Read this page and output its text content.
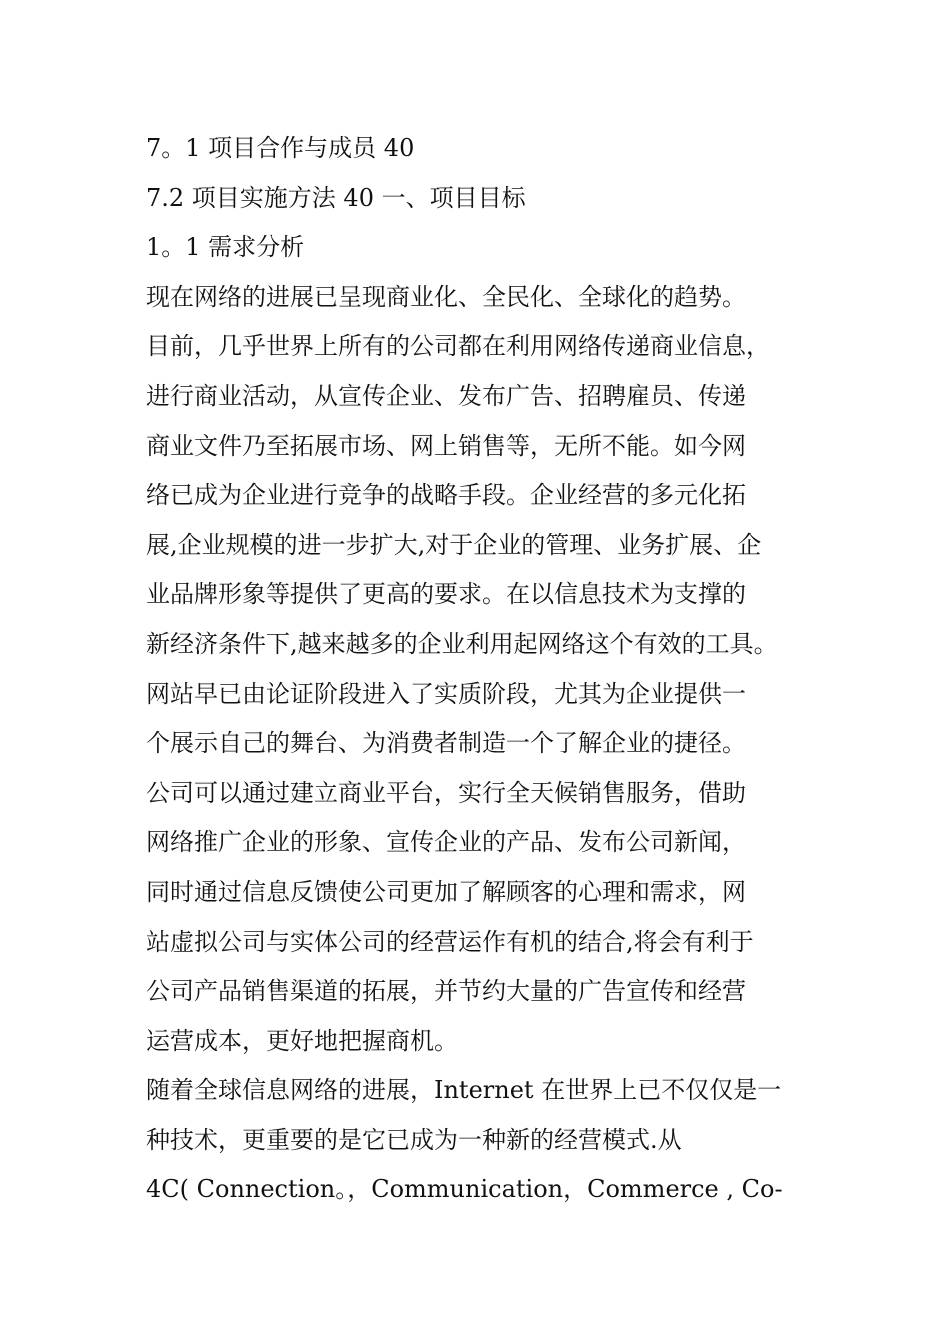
7。1 项目合作与成员 40
7.2 项目实施方法 40 一、项目目标
1。1 需求分析
现在网络的进展已呈现商业化、全民化、全球化的趋势。
目前，几乎世界上所有的公司都在利用网络传递商业信息，
进行商业活动，从宣传企业、发布广告、招聘雇员、传递
商业文件乃至拓展市场、网上销售等，无所不能。如今网
络已成为企业进行竞争的战略手段。企业经营的多元化拓
展,企业规模的进一步扩大,对于企业的管理、业务扩展、企
业品牌形象等提供了更高的要求。在以信息技术为支撑的
新经济条件下,越来越多的企业利用起网络这个有效的工具。
网站早已由论证阶段进入了实质阶段，尤其为企业提供一
个展示自己的舞台、为消费者制造一个了解企业的捷径。
公司可以通过建立商业平台，实行全天候销售服务，借助
网络推广企业的形象、宣传企业的产品、发布公司新闻，
同时通过信息反馈使公司更加了解顾客的心理和需求，网
站虚拟公司与实体公司的经营运作有机的结合,将会有利于
公司产品销售渠道的拓展，并节约大量的广告宣传和经营
运营成本，更好地把握商机。
随着全球信息网络的进展，Internet 在世界上已不仅仅是一
种技术，更重要的是它已成为一种新的经营模式.从
4C( Connection。，Communication，Commerce , Co-
